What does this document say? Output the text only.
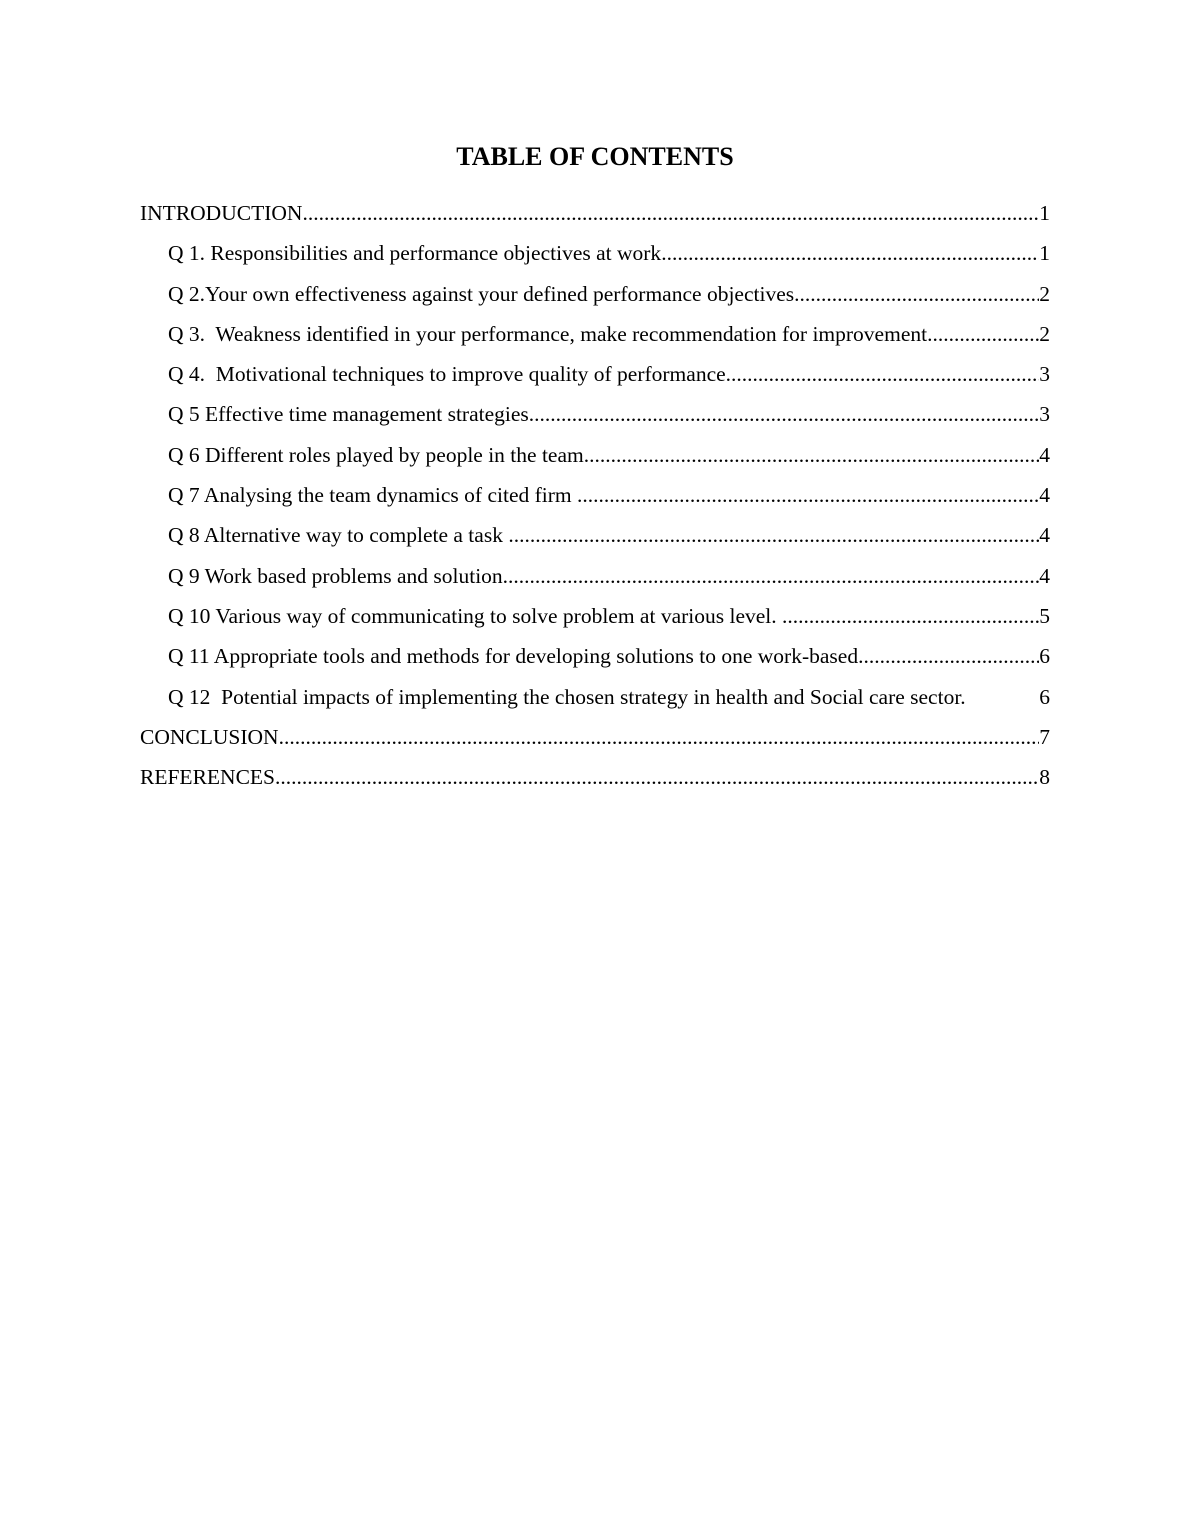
TABLE OF CONTENTS
INTRODUCTION .....	1
Q 1. Responsibilities and performance objectives at work .....	1
Q 2.Your own effectiveness against your defined performance objectives .....	2
Q 3.  Weakness identified in your performance, make recommendation for improvement .....	2
Q 4.  Motivational techniques to improve quality of performance .....	3
Q 5 Effective time management strategies .....	3
Q 6 Different roles played by people in the team .....	4
Q 7 Analysing the team dynamics of cited firm .....	4
Q 8 Alternative way to complete a task .....	4
Q 9 Work based problems and solution .....	4
Q 10 Various way of communicating to solve problem at various level. .....	5
Q 11 Appropriate tools and methods for developing solutions to one work-based .....	6
Q 12  Potential impacts of implementing the chosen strategy in health and Social care sector.	6
CONCLUSION .....	7
REFERENCES .....	8
